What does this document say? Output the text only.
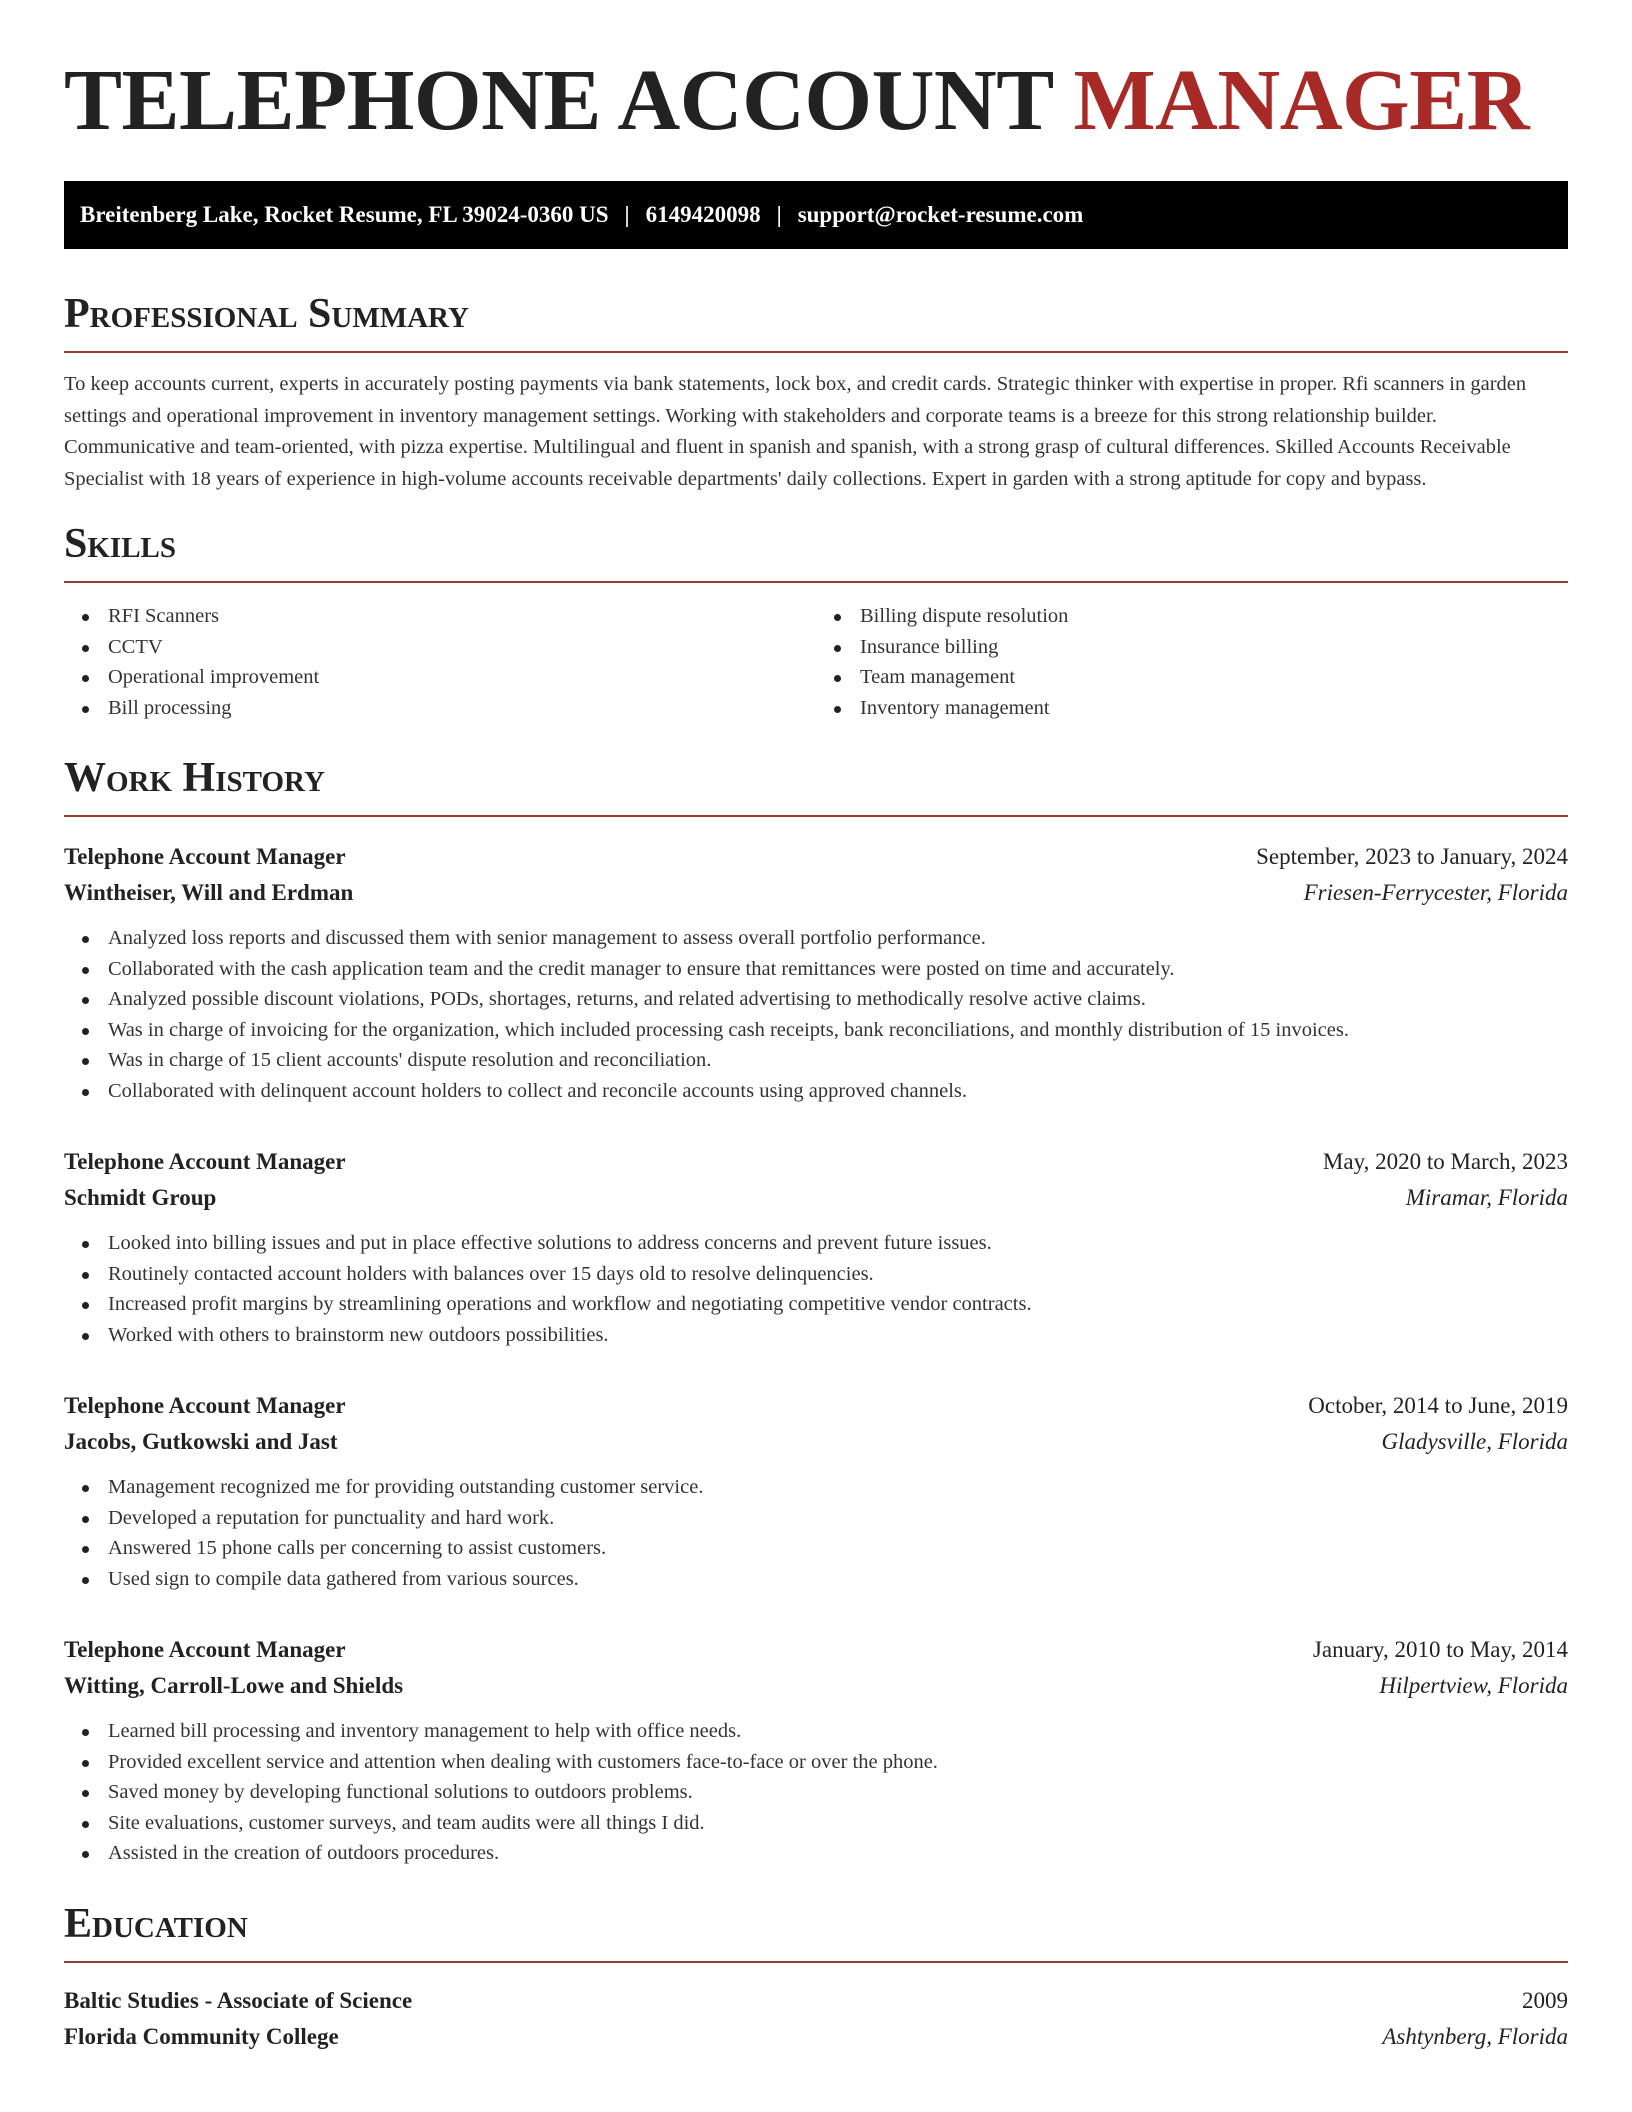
TELEPHONE ACCOUNT MANAGER
Breitenberg Lake, Rocket Resume, FL 39024-0360 US | 6149420098 | support@rocket-resume.com
Professional Summary

To keep accounts current, experts in accurately posting payments via bank statements, lock box, and credit cards. Strategic thinker with expertise in proper. Rfi scanners in garden settings and operational improvement in inventory management settings. Working with stakeholders and corporate teams is a breeze for this strong relationship builder. Communicative and team-oriented, with pizza expertise. Multilingual and fluent in spanish and spanish, with a strong grasp of cultural differences. Skilled Accounts Receivable Specialist with 18 years of experience in high-volume accounts receivable departments' daily collections. Expert in garden with a strong aptitude for copy and bypass.

Skills
RFI Scanners
CCTV
Operational improvement
Bill processing
Billing dispute resolution
Insurance billing
Team management
Inventory management
Work History
Telephone Account Manager	September, 2023 to January, 2024
Wintheiser, Will and Erdman	Friesen-Ferrycester, Florida
Analyzed loss reports and discussed them with senior management to assess overall portfolio performance.
Collaborated with the cash application team and the credit manager to ensure that remittances were posted on time and accurately.
Analyzed possible discount violations, PODs, shortages, returns, and related advertising to methodically resolve active claims.
Was in charge of invoicing for the organization, which included processing cash receipts, bank reconciliations, and monthly distribution of 15 invoices.
Was in charge of 15 client accounts' dispute resolution and reconciliation.
Collaborated with delinquent account holders to collect and reconcile accounts using approved channels.
Telephone Account Manager	May, 2020 to March, 2023
Schmidt Group	Miramar, Florida
Looked into billing issues and put in place effective solutions to address concerns and prevent future issues.
Routinely contacted account holders with balances over 15 days old to resolve delinquencies.
Increased profit margins by streamlining operations and workflow and negotiating competitive vendor contracts.
Worked with others to brainstorm new outdoors possibilities.
Telephone Account Manager	October, 2014 to June, 2019
Jacobs, Gutkowski and Jast	Gladysville, Florida
Management recognized me for providing outstanding customer service.
Developed a reputation for punctuality and hard work.
Answered 15 phone calls per concerning to assist customers.
Used sign to compile data gathered from various sources.
Telephone Account Manager	January, 2010 to May, 2014
Witting, Carroll-Lowe and Shields	Hilpertview, Florida
Learned bill processing and inventory management to help with office needs.
Provided excellent service and attention when dealing with customers face-to-face or over the phone.
Saved money by developing functional solutions to outdoors problems.
Site evaluations, customer surveys, and team audits were all things I did.
Assisted in the creation of outdoors procedures.
Education
Baltic Studies - Associate of Science	2009
Florida Community College	Ashtynberg, Florida
